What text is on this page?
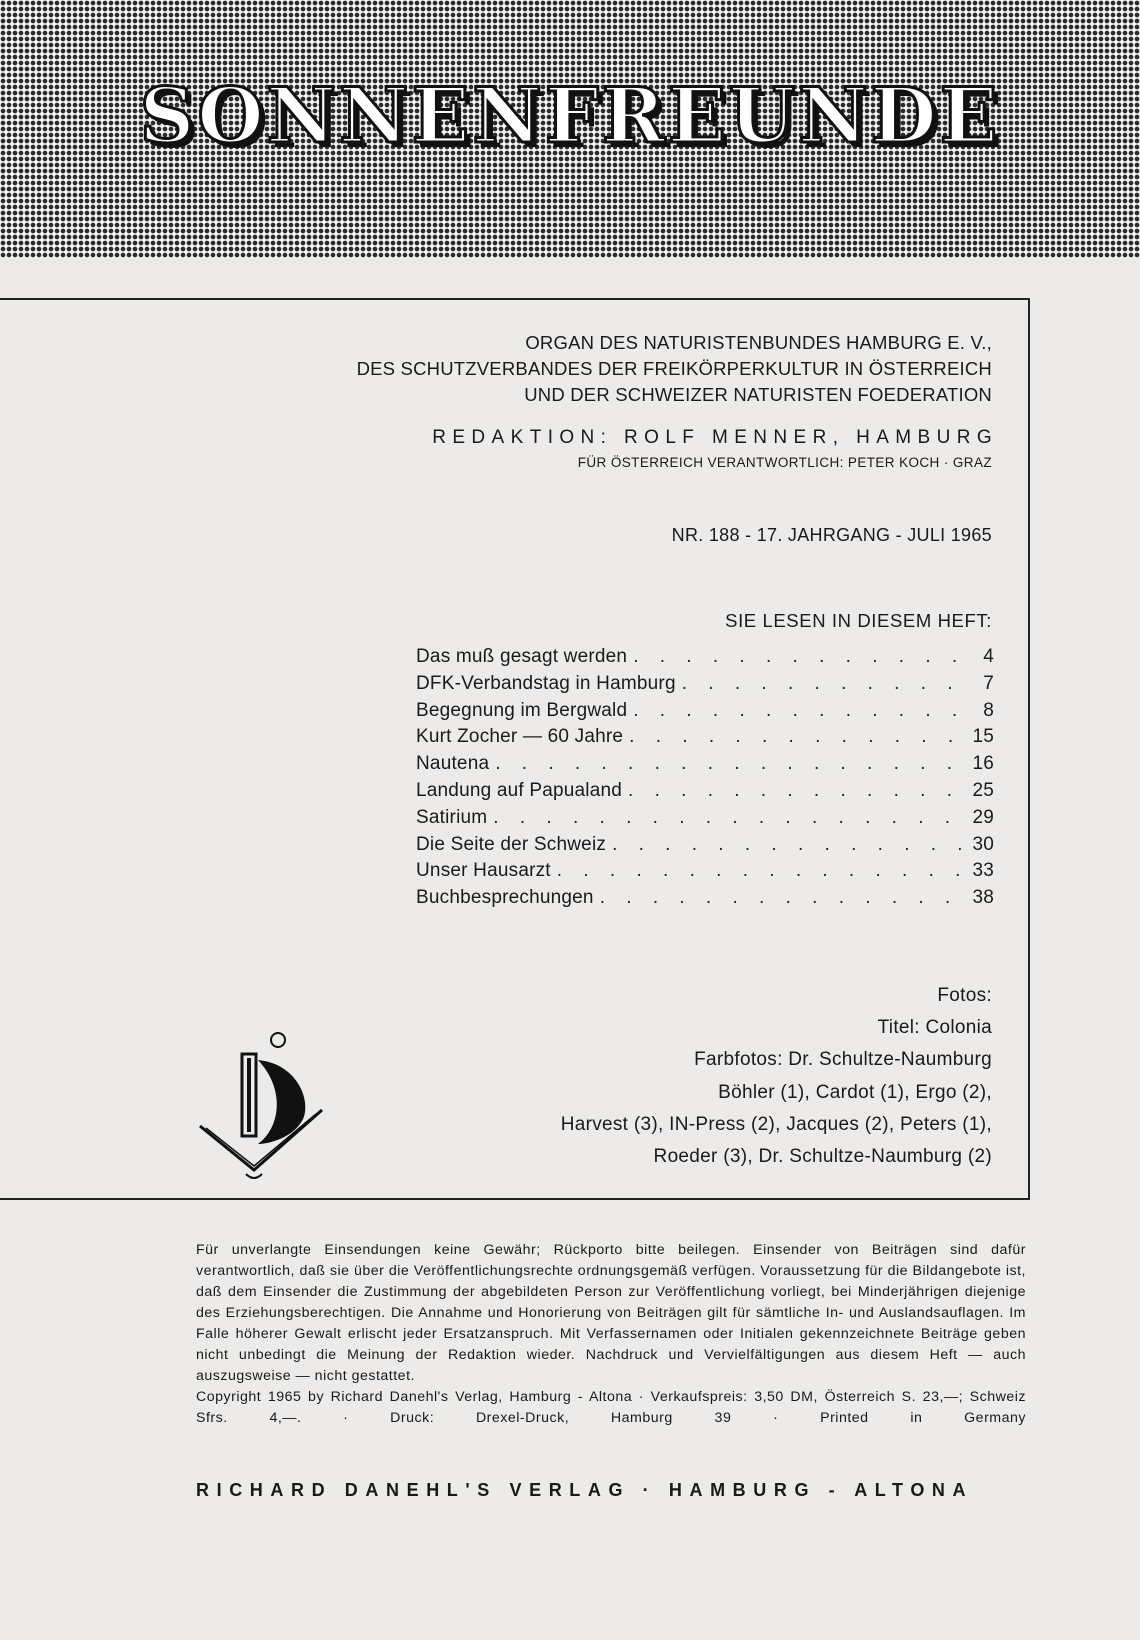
SONNENFREUNDE
ORGAN DES NATURISTENBUNDES HAMBURG E. V.,
DES SCHUTZVERBANDES DER FREIKÖRPERKULTUR IN ÖSTERREICH
UND DER SCHWEIZER NATURISTEN FOEDERATION
REDAKTION: ROLF MENNER, HAMBURG
FÜR ÖSTERREICH VERANTWORTLICH: PETER KOCH · GRAZ
NR. 188 - 17. JAHRGANG - JULI 1965
SIE LESEN IN DIESEM HEFT:
Das muß gesagt werden . . .	4
DFK-Verbandstag in Hamburg . . .	7
Begegnung im Bergwald . . .	8
Kurt Zocher — 60 Jahre . . .	15
Nautena . . .	16
Landung auf Papualand . . .	25
Satirium . . .	29
Die Seite der Schweiz . . .	30
Unser Hausarzt . . .	33
Buchbesprechungen . . .	38
Fotos:
Titel: Colonia
Farbfotos: Dr. Schultze-Naumburg
Böhler (1), Cardot (1), Ergo (2),
Harvest (3), IN-Press (2), Jacques (2), Peters (1),
Roeder (3), Dr. Schultze-Naumburg (2)

Für unverlangte Einsendungen keine Gewähr; Rückporto bitte beilegen. Einsender von Beiträgen sind dafür verantwortlich, daß sie über die Veröffentlichungsrechte ordnungsgemäß verfügen. Voraussetzung für die Bildangebote ist, daß dem Einsender die Zustimmung der abgebildeten Person zur Veröffentlichung vorliegt, bei Minderjährigen diejenige des Erziehungsberechtigen. Die Annahme und Honorierung von Beiträgen gilt für sämtliche In- und Auslandsauflagen. Im Falle höherer Gewalt erlischt jeder Ersatzanspruch. Mit Verfassernamen oder Initialen gekennzeichnete Beiträge geben nicht unbedingt die Meinung der Redaktion wieder. Nachdruck und Vervielfältigungen aus diesem Heft — auch auszugsweise — nicht gestattet.

Copyright 1965 by Richard Danehl's Verlag, Hamburg - Altona · Verkaufspreis: 3,50 DM, Österreich S. 23,—; Schweiz Sfrs. 4,—. · Druck: Drexel-Druck, Hamburg 39 · Printed in Germany

RICHARD DANEHL'S VERLAG · HAMBURG - ALTONA
